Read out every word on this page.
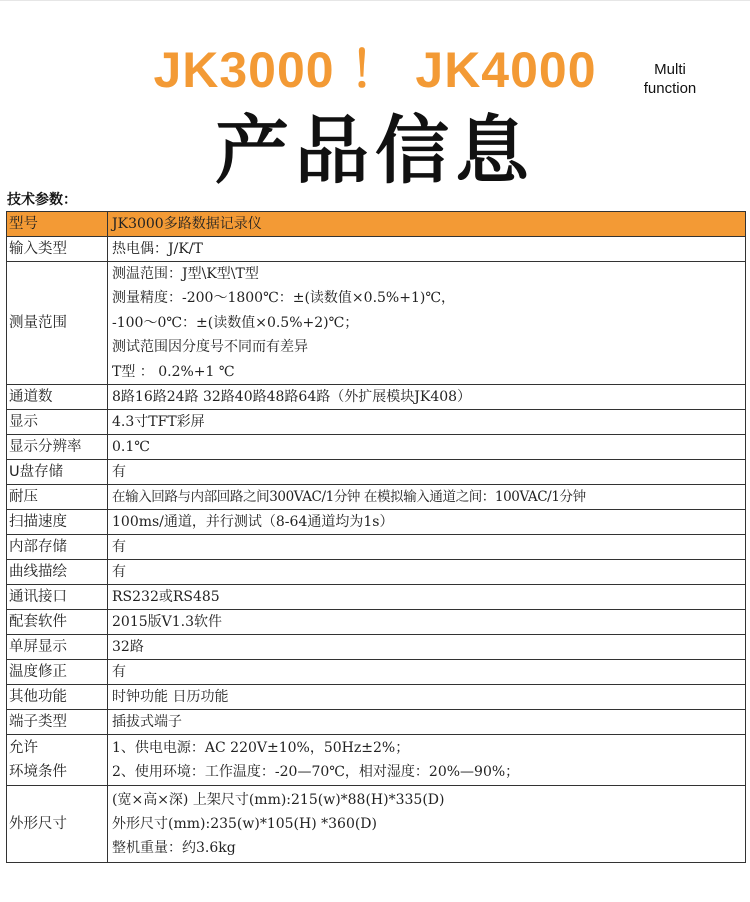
JK3000 ！ JK4000	Multi
function
产品信息
技术参数：
型号	JK3000多路数据记录仪
输入类型	热电偶：J/K/T
测量范围	测温范围：J型\K型\T型
测量精度：-200～1800℃：±(读数值×0.5%+1)℃，
-100～0℃：±(读数值×0.5%+2)℃；
测试范围因分度号不同而有差异
T型 ： 0.2%+1 ℃

通道数	8路16路24路 32路40路48路64路（外扩展模块JK408）
显示	4.3寸TFT彩屏
显示分辨率	0.1℃
U盘存储	有
耐压	在输入回路与内部回路之间300VAC/1分钟 在模拟输入通道之间：100VAC/1分钟
扫描速度	100ms/通道，并行测试（8-64通道均为1s）
内部存储	有
曲线描绘	有
通讯接口	RS232或RS485
配套软件	2015版V1.3软件
单屏显示	32路
温度修正	有
其他功能	时钟功能 日历功能
端子类型	插拔式端子

允许
环境条件	1、供电电源：AC 220V±10%，50Hz±2%；
2、使用环境：工作温度：-20—70℃，相对湿度：20%—90%；

外形尺寸	(宽×高×深) 上架尺寸(mm):215(w)*88(H)*335(D)
外形尺寸(mm):235(w)*105(H) *360(D)
整机重量：约3.6kg
